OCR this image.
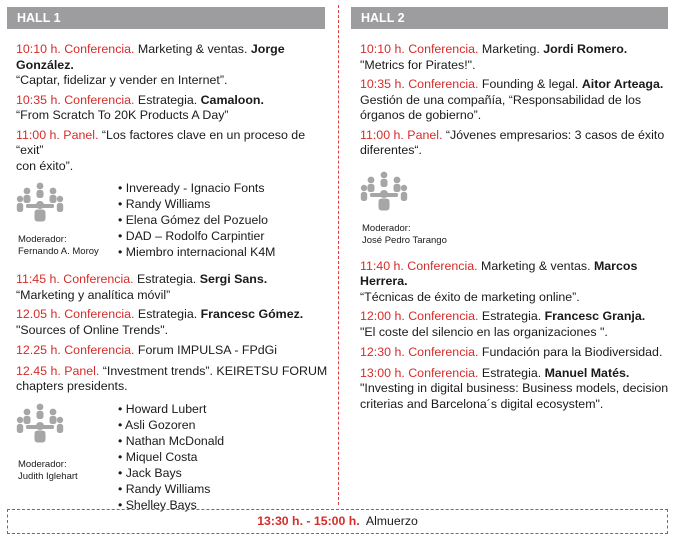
HALL 1	HALL 2

10:10 h. Conferencia. Marketing & ventas. Jorge González.
“Captar, fidelizar y vender en Internet”.

10:35 h. Conferencia. Estrategia. Camaloon.
“From Scratch To 20K Products A Day”

11:00 h. Panel. “Los factores clave en un proceso de “exit”
con éxito”.

Moderador:
Fernando A. Moroy
• Inveready - Ignacio Fonts
• Randy Williams
• Elena Gómez del Pozuelo
• DAD – Rodolfo Carpintier
• Miembro internacional K4M

11:45 h. Conferencia. Estrategia. Sergi Sans.
“Marketing y analítica móvil”

12.05 h. Conferencia. Estrategia. Francesc Gómez.
"Sources of Online Trends".

12.25 h. Conferencia. Forum IMPULSA - FPdGi

12.45 h. Panel. “Investment trends”. KEIRETSU FORUM
chapters presidents.

Moderador:
Judith Iglehart
• Howard Lubert
• Asli Gozoren
• Nathan McDonald
• Miquel Costa
• Jack Bays
• Randy Williams
• Shelley Bays

10:10 h. Conferencia. Marketing. Jordi Romero.
"Metrics for Pirates!".

10:35 h. Conferencia. Founding & legal. Aitor Arteaga.
Gestión de una compañía, “Responsabilidad de los
órganos de gobierno”.

11:00 h. Panel. “Jóvenes empresarios: 3 casos de éxito
diferentes“.

Moderador:
José Pedro Tarango

11:40 h. Conferencia. Marketing & ventas. Marcos Herrera.
“Técnicas de éxito de marketing online”.

12:00 h. Conferencia. Estrategia. Francesc Granja.
"El coste del silencio en las organizaciones ".

12:30 h. Conferencia. Fundación para la Biodiversidad.

13:00 h. Conferencia. Estrategia. Manuel Matés.
"Investing in digital business: Business models, decision
criterias and Barcelona´s digital ecosystem".

13:30 h. - 15:00 h.  Almuerzo
